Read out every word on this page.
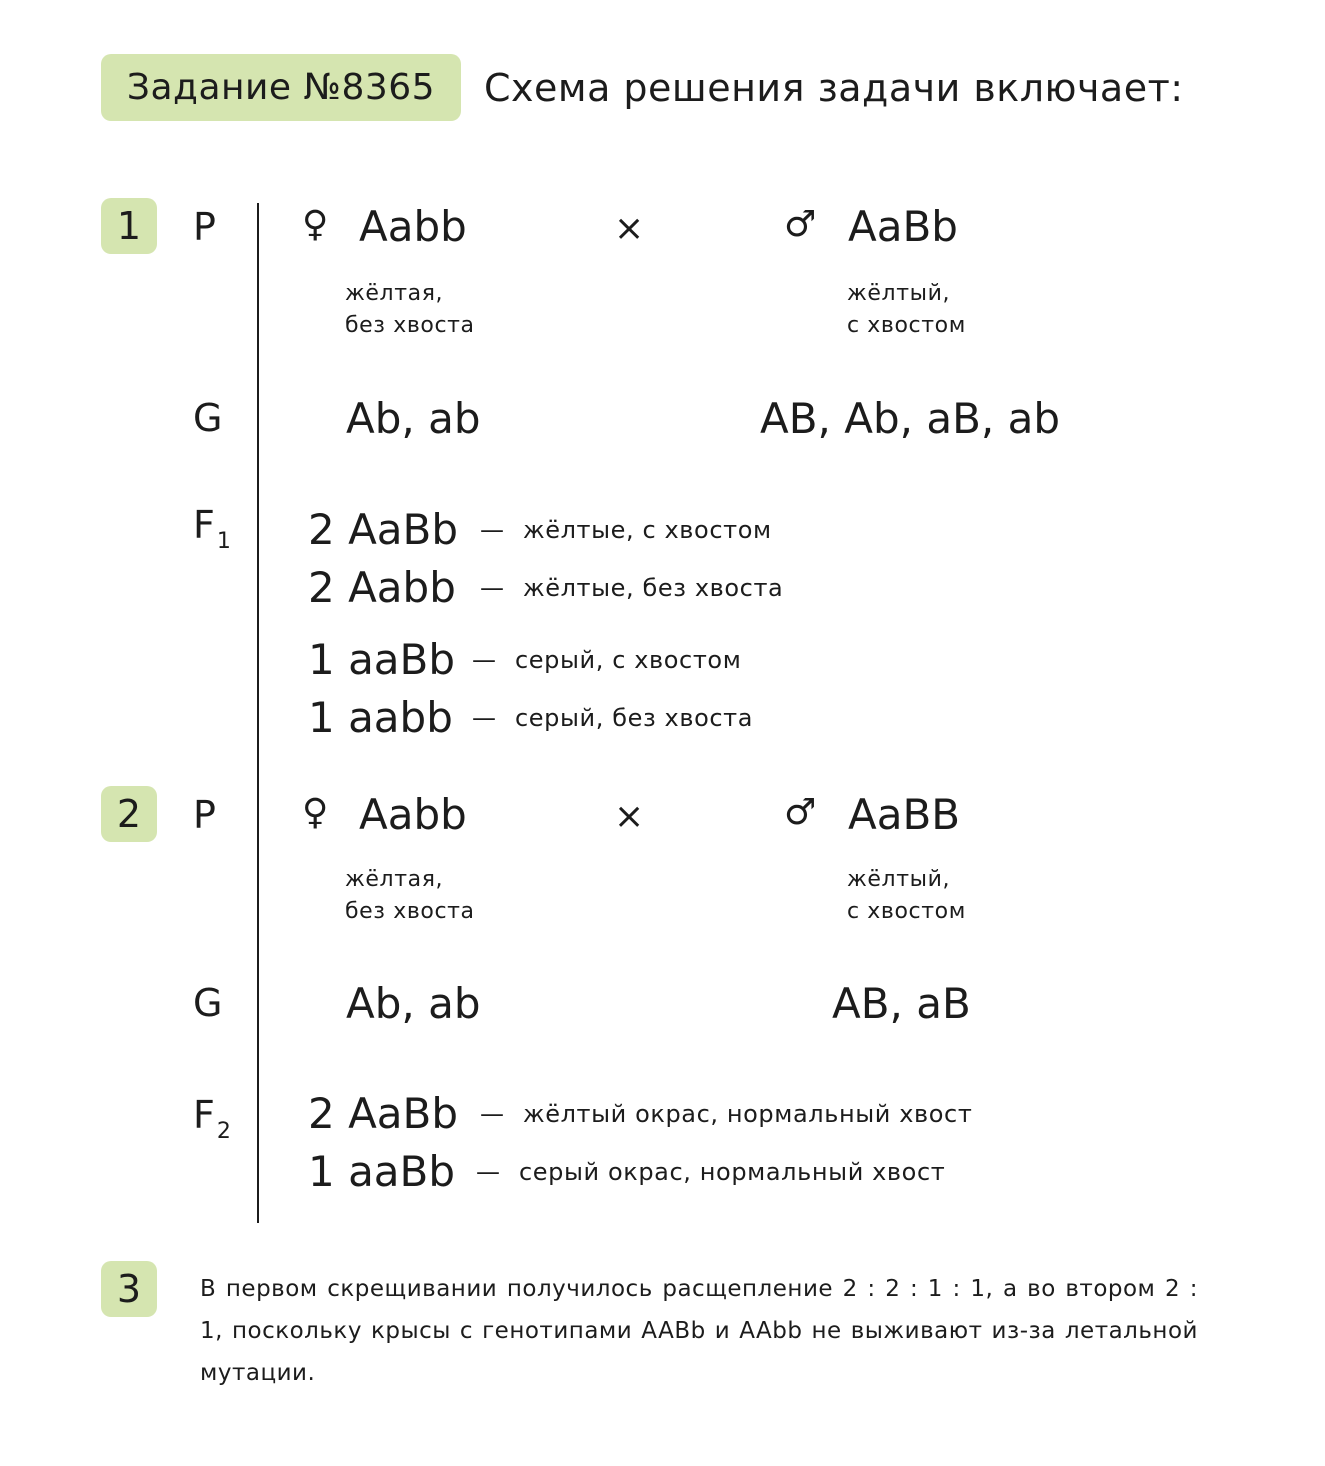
Задание №8365 Схема решения задачи включает:
1 P ♀ Aabb	×	♂ AaBb
жёлтая,
без хвоста
жёлтый,
с хвостом
G	Ab, ab	AB, Ab, aB, ab
$F_1$ 2 AaBb — жёлтые, с хвостом
2 Aabb — жёлтые, без хвоста
1 aaBb — серый, с хвостом
1 aabb — серый, без хвоста
2 P ♀ Aabb	×	♂ AaBB
жёлтая,
без хвоста
жёлтый,
с хвостом
G	Ab, ab	AB, aB
$F_2$ 2 AaBb — жёлтый окрас, нормальный хвост
1 aaBb — серый окрас, нормальный хвост
3	В первом скрещивании получилось расщепление 2 : 2 : 1 : 1, а во втором 2 : 1, поскольку крысы с генотипами AABb и AAbb не выживают из-за летальной мутации.
